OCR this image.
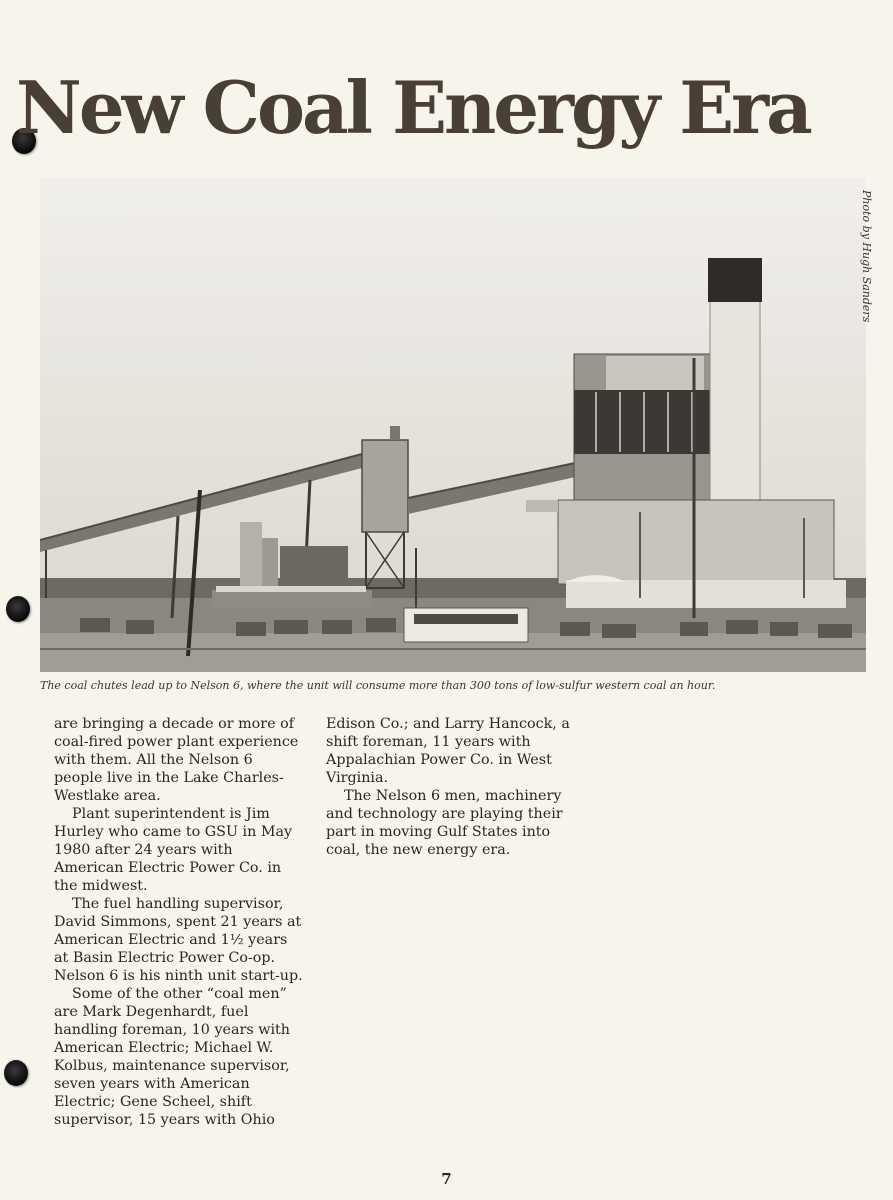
New Coal Energy Era
Photo by Hugh Sanders

The coal chutes lead up to Nelson 6, where the unit will consume more than 300 tons of low-sulfur western coal an hour.

are bringing a decade or more of coal-fired power plant experience with them. All the Nelson 6 people live in the Lake Charles-Westlake area.

Plant superintendent is Jim Hurley who came to GSU in May 1980 after 24 years with American Electric Power Co. in the midwest.

The fuel handling supervisor, David Simmons, spent 21 years at American Electric and 1½ years at Basin Electric Power Co-op. Nelson 6 is his ninth unit start-up.

Some of the other “coal men” are Mark Degenhardt, fuel handling foreman, 10 years with American Electric; Michael W. Kolbus, maintenance supervisor, seven years with American Electric; Gene Scheel, shift supervisor, 15 years with Ohio

Edison Co.; and Larry Hancock, a shift foreman, 11 years with Appalachian Power Co. in West Virginia.

The Nelson 6 men, machinery and technology are playing their part in moving Gulf States into coal, the new energy era.

7
